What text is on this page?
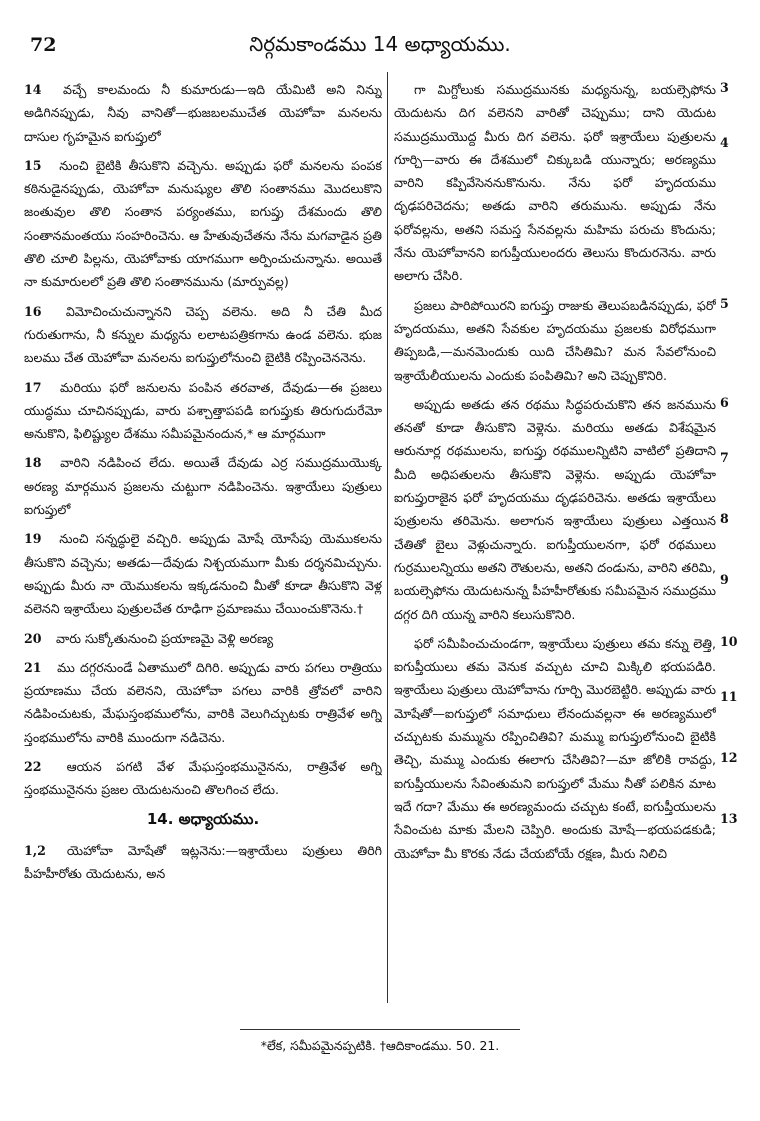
72	నిర్గమకాండము 14 అధ్యాయము.

14 వచ్చే కాలమందు నీ కుమారుడు—ఇది యేమిటి అని నిన్ను అడిగినప్పుడు, నీవు వానితో—భుజబలముచేత యెహోవా మనలను దాసుల గృహమైన ఐగుప్తులో

15 నుంచి బైటికి తీసుకొని వచ్చెను. అప్పుడు ఫరో మనలను పంపక కఠినుడైనప్పుడు, యెహోవా మనుష్యుల తొలి సంతానము మొదలుకొని జంతువుల తొలి సంతాన పర్యంతము, ఐగుప్తు దేశమందు తొలి సంతానమంతయు సంహరించెను. ఆ హేతువుచేతను నేను మగవాడైన ప్రతి తొలి చూలి పిల్లను, యెహోవాకు యాగముగా అర్పించుచున్నాను. అయితే నా కుమారులలో ప్రతి తొలి సంతానమును (మార్పువల్ల)

16 విమోచించుచున్నానని చెప్ప వలెను. అది నీ చేతి మీద గురుతుగాను, నీ కన్నుల మధ్యను లలాటపత్రికగాను ఉండ వలెను. భుజ బలము చేత యెహోవా మనలను ఐగుప్తులోనుంచి బైటికి రప్పించెననెను.

17 మరియు ఫరో జనులను పంపిన తరవాత, దేవుడు—ఈ ప్రజలు యుద్ధము చూచినప్పుడు, వారు పశ్చాత్తాపపడి ఐగుప్తుకు తిరుగుదురేమో అనుకొని, ఫిలిష్ట్యుల దేశము సమీపమైనందున,* ఆ మార్గముగా

18 వారిని నడిపించ లేదు. అయితే దేవుడు ఎర్ర సముద్రముయొక్క అరణ్య మార్గమున ప్రజలను చుట్టుగా నడిపించెను. ఇశ్రాయేలు పుత్రులు ఐగుప్తులో

19 నుంచి సన్నద్ధులై వచ్చిరి. అప్పుడు మోషే యోసేపు యెముకలను తీసుకొని వచ్చెను; అతడు—దేవుడు నిశ్చయముగా మీకు దర్శనమిచ్చును. అప్పుడు మీరు నా యెముకలను ఇక్కడనుంచి మీతో కూడా తీసుకొని వెళ్ల వలెనని ఇశ్రాయేలు పుత్రులచేత రూఢిగా ప్రమాణము చేయించుకొనెను.†

20 వారు సుక్కోతునుంచి ప్రయాణమై వెళ్లి అరణ్య

21 ము దగ్గరనుండే ఏతాములో దిగిరి. అప్పుడు వారు పగలు రాత్రియు ప్రయాణము చేయ వలెనని, యెహోవా పగలు వారికి త్రోవలో వారిని నడిపించుటకు, మేఘస్తంభములోను, వారికి వెలుగిచ్చుటకు రాత్రివేళ అగ్ని స్తంభములోను వారికి ముందుగా నడిచెను.

22 ఆయన పగటి వేళ మేఘస్తంభమునైనను, రాత్రివేళ అగ్ని స్తంభమునైనను ప్రజల యెదుటనుంచి తొలగించ లేదు.

14. అధ్యాయము.

1,2 యెహోవా మోషేతో ఇట్లనెను:—ఇశ్రాయేలు పుత్రులు తిరిగి పీహహీరోతు యెదుటను, అన

గా మిగ్దోలుకు సముద్రమునకు మధ్యనున్న, బయల్సెఫోను యెదుటను దిగ వలెనని వారితో చెప్పుము; దాని యెదుట సముద్రముయొద్ద మీరు దిగ వలెను. ఫరో ఇశ్రాయేలు పుత్రులను గూర్చి—వారు ఈ దేశములో చిక్కుబడి యున్నారు; అరణ్యము వారిని కప్పివేసెననుకొనును. నేను ఫరో హృదయము దృఢపరిచెదను; అతడు వారిని తరుమును. అప్పుడు నేను ఫరోవల్లను, అతని సమస్త సేనవల్లను మహిమ పరుచు కొందును; నేను యెహోవానని ఐగుప్తీయులందరు తెలుసు కొందురనెను. వారు అలాగు చేసిరి.

ప్రజలు పారిపోయిరని ఐగుప్తు రాజుకు తెలుపబడినప్పుడు, ఫరో హృదయము, అతని సేవకుల హృదయము ప్రజలకు విరోధముగా తిప్పబడి,—మనమెందుకు యిది చేసితిమి? మన సేవలోనుంచి ఇశ్రాయేలీయులను ఎందుకు పంపితిమి? అని చెప్పుకొనిరి.

అప్పుడు అతడు తన రథము సిద్ధపరుచుకొని తన జనమును తనతో కూడా తీసుకొని వెళ్లెను. మరియు అతడు విశేషమైన ఆరునూర్ల రథములను, ఐగుప్తు రథములన్నిటిని వాటిలో ప్రతిదాని మీది అధిపతులను తీసుకొని వెళ్లెను. అప్పుడు యెహోవా ఐగుప్తురాజైన ఫరో హృదయము దృఢపరిచెను. అతడు ఇశ్రాయేలు పుత్రులను తరిమెను. అలాగున ఇశ్రాయేలు పుత్రులు ఎత్తయిన చేతితో బైలు వెళ్లుచున్నారు. ఐగుప్తీయులనగా, ఫరో రథములు గుర్రములన్నియు అతని రౌతులను, అతని దండును, వారిని తరిమి, బయల్సెఫోను యెదుటనున్న పీహహీరోతుకు సమీపమైన సముద్రము దగ్గర దిగి యున్న వారిని కలుసుకొనిరి.

ఫరో సమీపించుచుండగా, ఇశ్రాయేలు పుత్రులు తమ కన్ను లెత్తి, ఐగుప్తీయులు తమ వెనుక వచ్చుట చూచి మిక్కిలి భయపడిరి. ఇశ్రాయేలు పుత్రులు యెహోవాను గూర్చి మొరబెట్టిరి. అప్పుడు వారు మోషేతో—ఐగుప్తులో సమాధులు లేనందువల్లనా ఈ అరణ్యములో చచ్చుటకు మమ్మును రప్పించితివి? మమ్ము ఐగుప్తులోనుంచి బైటికి తెచ్చి, మమ్ము ఎందుకు ఈలాగు చేసితివి?—మా జోలికి రావద్దు, ఐగుప్తీయులను సేవింతుమని ఐగుప్తులో మేము నీతో పలికిన మాట ఇదే గదా? మేము ఈ అరణ్యమందు చచ్చుట కంటే, ఐగుప్తీయులను సేవించుట మాకు మేలని చెప్పిరి. అందుకు మోషే—భయపడకుడి; యెహోవా మీ కొరకు నేడు చేయబోయే రక్షణ, మీరు నిలిచి

*లేక, సమీపమైనప్పటికి. †ఆదికాండము. 50. 21.
3
4
5
6
7
8
9
10
11
12
13
